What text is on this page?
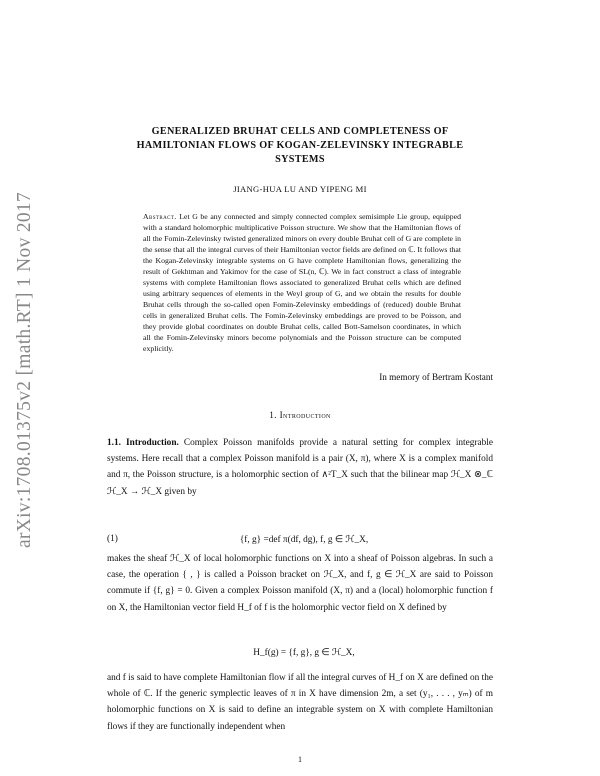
arXiv:1708.01375v2 [math.RT] 1 Nov 2017
GENERALIZED BRUHAT CELLS AND COMPLETENESS OF
HAMILTONIAN FLOWS OF KOGAN-ZELEVINSKY INTEGRABLE
SYSTEMS
JIANG-HUA LU AND YIPENG MI
Abstract. Let G be any connected and simply connected complex semisimple Lie group, equipped with a standard holomorphic multiplicative Poisson structure. We show that the Hamiltonian flows of all the Fomin-Zelevinsky twisted generalized minors on every double Bruhat cell of G are complete in the sense that all the integral curves of their Hamiltonian vector fields are defined on ℂ. It follows that the Kogan-Zelevinsky integrable systems on G have complete Hamiltonian flows, generalizing the result of Gekhtman and Yakimov for the case of SL(n, ℂ). We in fact construct a class of integrable systems with complete Hamiltonian flows associated to generalized Bruhat cells which are defined using arbitrary sequences of elements in the Weyl group of G, and we obtain the results for double Bruhat cells through the so-called open Fomin-Zelevinsky embeddings of (reduced) double Bruhat cells in generalized Bruhat cells. The Fomin-Zelevinsky embeddings are proved to be Poisson, and they provide global coordinates on double Bruhat cells, called Bott-Samelson coordinates, in which all the Fomin-Zelevinsky minors become polynomials and the Poisson structure can be computed explicitly.
In memory of Bertram Kostant
1. Introduction
1.1. Introduction. Complex Poisson manifolds provide a natural setting for complex integrable systems. Here recall that a complex Poisson manifold is a pair (X, π), where X is a complex manifold and π, the Poisson structure, is a holomorphic section of ∧²T_X such that the bilinear map ℋ_X ⊗_ℂ ℋ_X → ℋ_X given by
(1)	{f, g} =def π(df, dg), f, g ∈ ℋ_X,
makes the sheaf ℋ_X of local holomorphic functions on X into a sheaf of Poisson algebras. In such a case, the operation { , } is called a Poisson bracket on ℋ_X, and f, g ∈ ℋ_X are said to Poisson commute if {f, g} = 0. Given a complex Poisson manifold (X, π) and a (local) holomorphic function f on X, the Hamiltonian vector field H_f of f is the holomorphic vector field on X defined by
H_f(g) = {f, g}, g ∈ ℋ_X,
and f is said to have complete Hamiltonian flow if all the integral curves of H_f on X are defined on the whole of ℂ. If the generic symplectic leaves of π in X have dimension 2m, a set (y₁, . . . , yₘ) of m holomorphic functions on X is said to define an integrable system on X with complete Hamiltonian flows if they are functionally independent when
1
